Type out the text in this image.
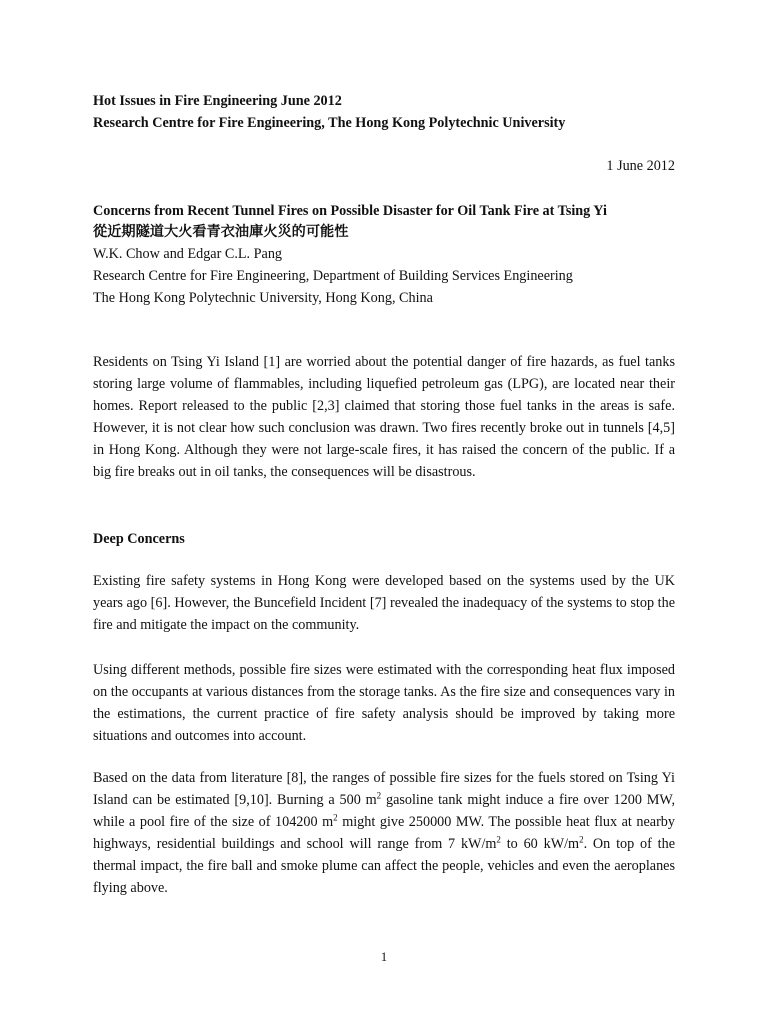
Hot Issues in Fire Engineering June 2012
Research Centre for Fire Engineering, The Hong Kong Polytechnic University
1 June 2012
Concerns from Recent Tunnel Fires on Possible Disaster for Oil Tank Fire at Tsing Yi
從近期隧道大火看青衣油庫火災的可能性
W.K. Chow and Edgar C.L. Pang
Research Centre for Fire Engineering, Department of Building Services Engineering
The Hong Kong Polytechnic University, Hong Kong, China

Residents on Tsing Yi Island [1] are worried about the potential danger of fire hazards, as fuel tanks storing large volume of flammables, including liquefied petroleum gas (LPG), are located near their homes. Report released to the public [2,3] claimed that storing those fuel tanks in the areas is safe. However, it is not clear how such conclusion was drawn. Two fires recently broke out in tunnels [4,5] in Hong Kong. Although they were not large-scale fires, it has raised the concern of the public. If a big fire breaks out in oil tanks, the consequences will be disastrous.

Deep Concerns

Existing fire safety systems in Hong Kong were developed based on the systems used by the UK years ago [6]. However, the Buncefield Incident [7] revealed the inadequacy of the systems to stop the fire and mitigate the impact on the community.

Using different methods, possible fire sizes were estimated with the corresponding heat flux imposed on the occupants at various distances from the storage tanks. As the fire size and consequences vary in the estimations, the current practice of fire safety analysis should be improved by taking more situations and outcomes into account.

Based on the data from literature [8], the ranges of possible fire sizes for the fuels stored on Tsing Yi Island can be estimated [9,10]. Burning a 500 $m^2$ gasoline tank might induce a fire over 1200 MW, while a pool fire of the size of 104200 $m^2$ might give 250000 MW. The possible heat flux at nearby highways, residential buildings and school will range from 7 $kW/m^2$ to 60 $kW/m^2$. On top of the thermal impact, the fire ball and smoke plume can affect the people, vehicles and even the aeroplanes flying above.

1
